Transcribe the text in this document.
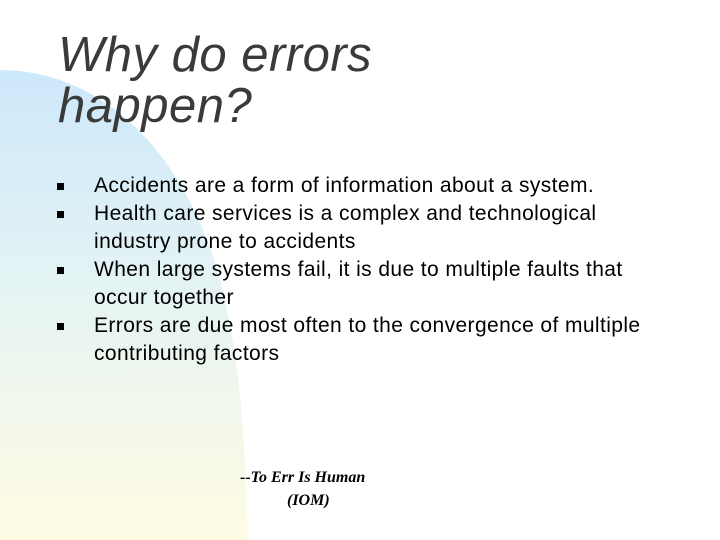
Why do errors
happen?
Accidents are a form of information about a system.
Health care services is a complex and technological industry prone to accidents
When large systems fail, it is due to multiple faults that occur together
Errors are due most often to the convergence of multiple contributing factors

--To Err Is Human
(IOM)
